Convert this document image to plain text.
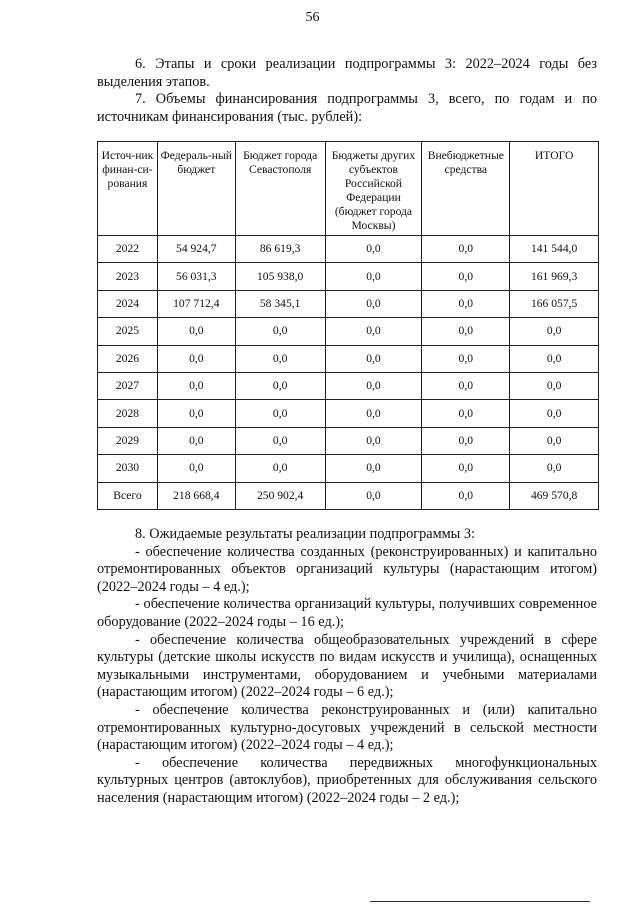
56

6. Этапы и сроки реализации подпрограммы 3: 2022–2024 годы без выделения этапов.

7. Объемы финансирования подпрограммы 3, всего, по годам и по источникам финансирования (тыс. рублей):

Источ-ник финан-си-рования	Федераль-ный бюджет	Бюджет города Севастополя	Бюджеты других субъектов Российской Федерации (бюджет города Москвы)	Внебюджетные средства	ИТОГО
2022	54 924,7	86 619,3	0,0	0,0	141 544,0
2023	56 031,3	105 938,0	0,0	0,0	161 969,3
2024	107 712,4	58 345,1	0,0	0,0	166 057,5
2025	0,0	0,0	0,0	0,0	0,0
2026	0,0	0,0	0,0	0,0	0,0
2027	0,0	0,0	0,0	0,0	0,0
2028	0,0	0,0	0,0	0,0	0,0
2029	0,0	0,0	0,0	0,0	0,0
2030	0,0	0,0	0,0	0,0	0,0
Всего	218 668,4	250 902,4	0,0	0,0	469 570,8

8. Ожидаемые результаты реализации подпрограммы 3:

- обеспечение количества созданных (реконструированных) и капитально отремонтированных объектов организаций культуры (нарастающим итогом) (2022–2024 годы – 4 ед.);

- обеспечение количества организаций культуры, получивших современное оборудование (2022–2024 годы – 16 ед.);

- обеспечение количества общеобразовательных учреждений в сфере культуры (детские школы искусств по видам искусств и училища), оснащенных музыкальными инструментами, оборудованием и учебными материалами (нарастающим итогом) (2022–2024 годы – 6 ед.);

- обеспечение количества реконструированных и (или) капитально отремонтированных культурно-досуговых учреждений в сельской местности (нарастающим итогом) (2022–2024 годы – 4 ед.);

- обеспечение количества передвижных многофункциональных культурных центров (автоклубов), приобретенных для обслуживания сельского населения (нарастающим итогом) (2022–2024 годы – 2 ед.);
